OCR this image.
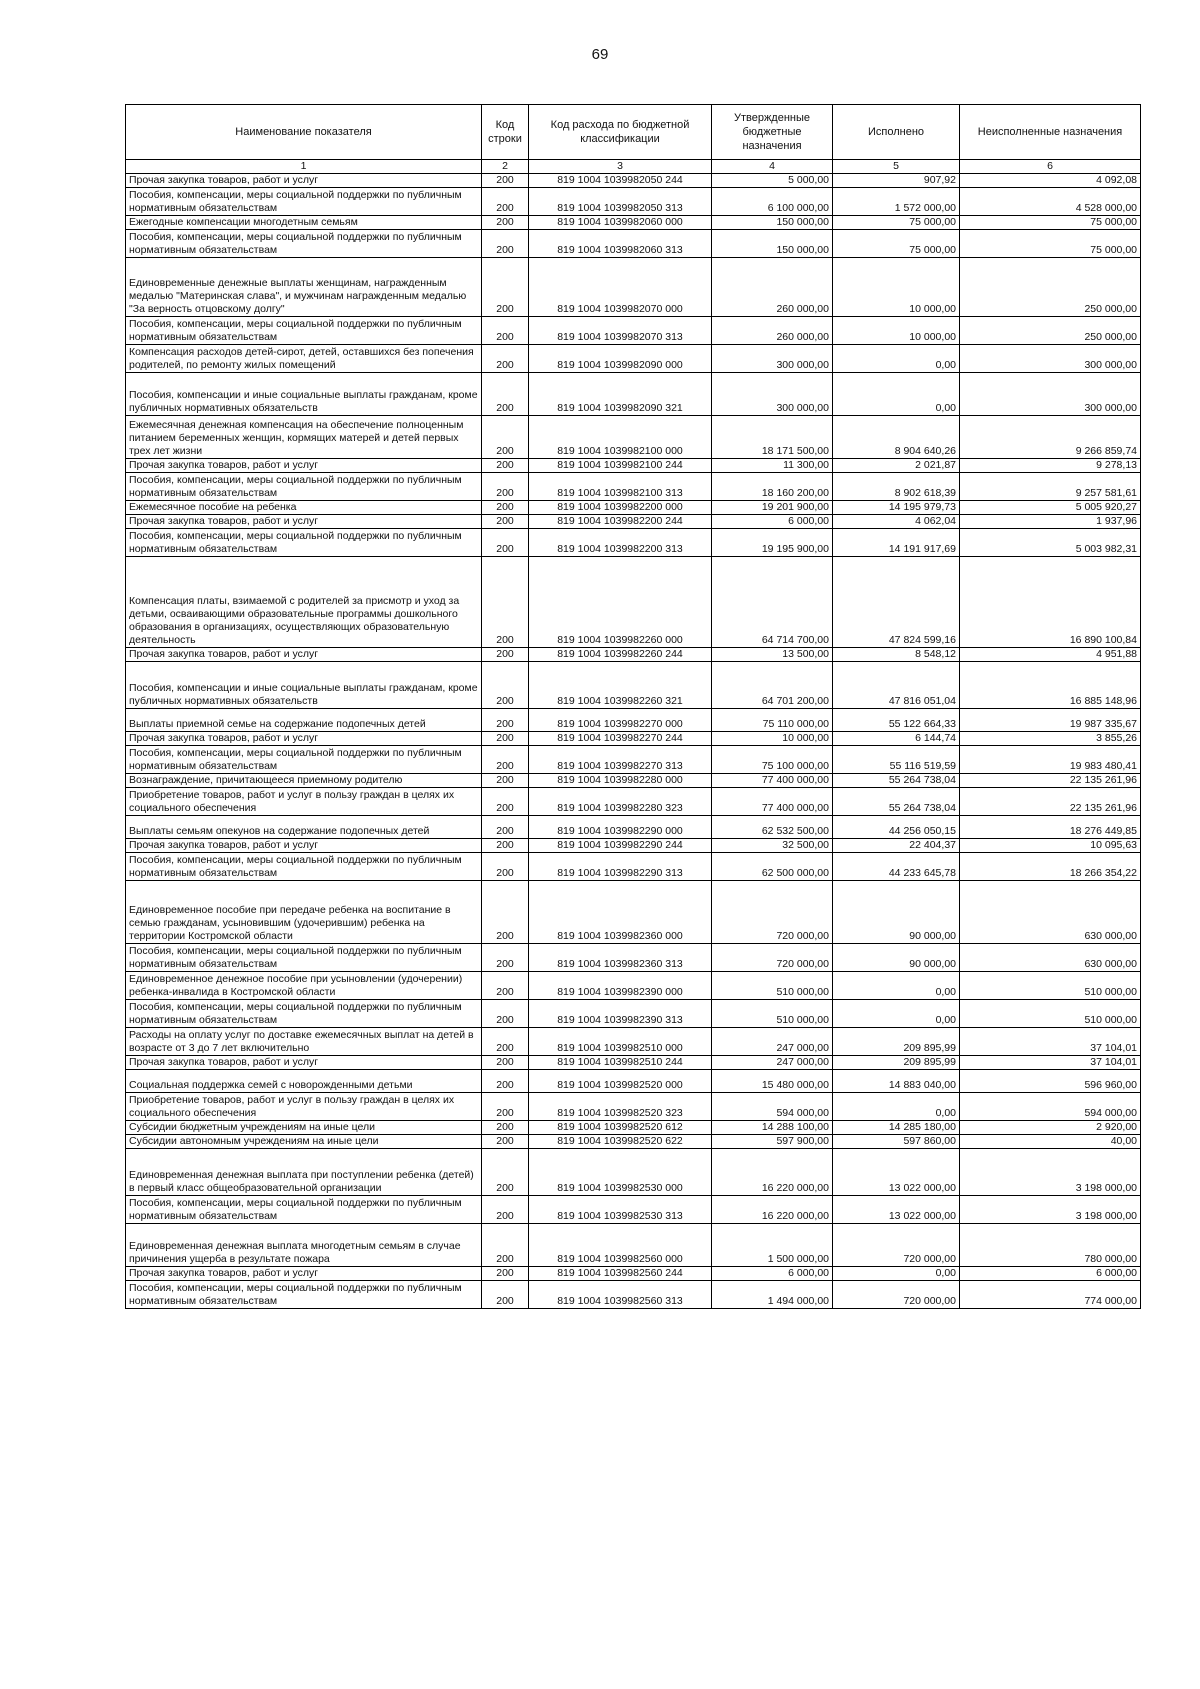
69
Наименование показателя	Код строки	Код расхода по бюджетной классификации	Утвержденные бюджетные назначения	Исполнено	Неисполненные назначения
1	2	3	4	5	6
Прочая закупка товаров, работ и услуг	200	819 1004 1039982050 244	5 000,00	907,92	4 092,08
Пособия, компенсации, меры социальной поддержки по публичным нормативным обязательствам	200	819 1004 1039982050 313	6 100 000,00	1 572 000,00	4 528 000,00
Ежегодные компенсации многодетным семьям	200	819 1004 1039982060 000	150 000,00	75 000,00	75 000,00
Пособия, компенсации, меры социальной поддержки по публичным нормативным обязательствам	200	819 1004 1039982060 313	150 000,00	75 000,00	75 000,00
Единовременные денежные выплаты женщинам, награжденным медалью "Материнская слава", и мужчинам награжденным медалью "За верность отцовскому долгу"	200	819 1004 1039982070 000	260 000,00	10 000,00	250 000,00
Пособия, компенсации, меры социальной поддержки по публичным нормативным обязательствам	200	819 1004 1039982070 313	260 000,00	10 000,00	250 000,00
Компенсация расходов детей-сирот, детей, оставшихся без попечения родителей, по ремонту жилых помещений	200	819 1004 1039982090 000	300 000,00	0,00	300 000,00
Пособия, компенсации и иные социальные выплаты гражданам, кроме публичных нормативных обязательств	200	819 1004 1039982090 321	300 000,00	0,00	300 000,00
Ежемесячная денежная компенсация на обеспечение полноценным питанием беременных женщин, кормящих матерей и детей первых трех лет жизни	200	819 1004 1039982100 000	18 171 500,00	8 904 640,26	9 266 859,74
Прочая закупка товаров, работ и услуг	200	819 1004 1039982100 244	11 300,00	2 021,87	9 278,13
Пособия, компенсации, меры социальной поддержки по публичным нормативным обязательствам	200	819 1004 1039982100 313	18 160 200,00	8 902 618,39	9 257 581,61
Ежемесячное пособие на ребенка	200	819 1004 1039982200 000	19 201 900,00	14 195 979,73	5 005 920,27
Прочая закупка товаров, работ и услуг	200	819 1004 1039982200 244	6 000,00	4 062,04	1 937,96
Пособия, компенсации, меры социальной поддержки по публичным нормативным обязательствам	200	819 1004 1039982200 313	19 195 900,00	14 191 917,69	5 003 982,31
Компенсация платы, взимаемой с родителей за присмотр и уход за детьми, осваивающими образовательные программы дошкольного образования в организациях, осуществляющих образовательную деятельность	200	819 1004 1039982260 000	64 714 700,00	47 824 599,16	16 890 100,84
Прочая закупка товаров, работ и услуг	200	819 1004 1039982260 244	13 500,00	8 548,12	4 951,88
Пособия, компенсации и иные социальные выплаты гражданам, кроме публичных нормативных обязательств	200	819 1004 1039982260 321	64 701 200,00	47 816 051,04	16 885 148,96
Выплаты приемной семье на содержание подопечных детей	200	819 1004 1039982270 000	75 110 000,00	55 122 664,33	19 987 335,67
Прочая закупка товаров, работ и услуг	200	819 1004 1039982270 244	10 000,00	6 144,74	3 855,26
Пособия, компенсации, меры социальной поддержки по публичным нормативным обязательствам	200	819 1004 1039982270 313	75 100 000,00	55 116 519,59	19 983 480,41
Вознаграждение, причитающееся приемному родителю	200	819 1004 1039982280 000	77 400 000,00	55 264 738,04	22 135 261,96
Приобретение товаров, работ и услуг в пользу граждан в целях их социального обеспечения	200	819 1004 1039982280 323	77 400 000,00	55 264 738,04	22 135 261,96
Выплаты семьям опекунов на содержание подопечных детей	200	819 1004 1039982290 000	62 532 500,00	44 256 050,15	18 276 449,85
Прочая закупка товаров, работ и услуг	200	819 1004 1039982290 244	32 500,00	22 404,37	10 095,63
Пособия, компенсации, меры социальной поддержки по публичным нормативным обязательствам	200	819 1004 1039982290 313	62 500 000,00	44 233 645,78	18 266 354,22
Единовременное пособие при передаче ребенка на воспитание в семью гражданам, усыновившим (удочерившим) ребенка на территории Костромской области	200	819 1004 1039982360 000	720 000,00	90 000,00	630 000,00
Пособия, компенсации, меры социальной поддержки по публичным нормативным обязательствам	200	819 1004 1039982360 313	720 000,00	90 000,00	630 000,00
Единовременное денежное пособие при усыновлении (удочерении) ребенка-инвалида в Костромской области	200	819 1004 1039982390 000	510 000,00	0,00	510 000,00
Пособия, компенсации, меры социальной поддержки по публичным нормативным обязательствам	200	819 1004 1039982390 313	510 000,00	0,00	510 000,00
Расходы на оплату услуг по доставке ежемесячных выплат на детей в возрасте от 3 до 7 лет включительно	200	819 1004 1039982510 000	247 000,00	209 895,99	37 104,01
Прочая закупка товаров, работ и услуг	200	819 1004 1039982510 244	247 000,00	209 895,99	37 104,01
Социальная поддержка семей с новорожденными детьми	200	819 1004 1039982520 000	15 480 000,00	14 883 040,00	596 960,00
Приобретение товаров, работ и услуг в пользу граждан в целях их социального обеспечения	200	819 1004 1039982520 323	594 000,00	0,00	594 000,00
Субсидии бюджетным учреждениям на иные цели	200	819 1004 1039982520 612	14 288 100,00	14 285 180,00	2 920,00
Субсидии автономным учреждениям на иные цели	200	819 1004 1039982520 622	597 900,00	597 860,00	40,00
Единовременная денежная выплата при поступлении ребенка (детей) в первый класс общеобразовательной организации	200	819 1004 1039982530 000	16 220 000,00	13 022 000,00	3 198 000,00
Пособия, компенсации, меры социальной поддержки по публичным нормативным обязательствам	200	819 1004 1039982530 313	16 220 000,00	13 022 000,00	3 198 000,00
Единовременная денежная выплата многодетным семьям в случае причинения ущерба в результате пожара	200	819 1004 1039982560 000	1 500 000,00	720 000,00	780 000,00
Прочая закупка товаров, работ и услуг	200	819 1004 1039982560 244	6 000,00	0,00	6 000,00
Пособия, компенсации, меры социальной поддержки по публичным нормативным обязательствам	200	819 1004 1039982560 313	1 494 000,00	720 000,00	774 000,00
